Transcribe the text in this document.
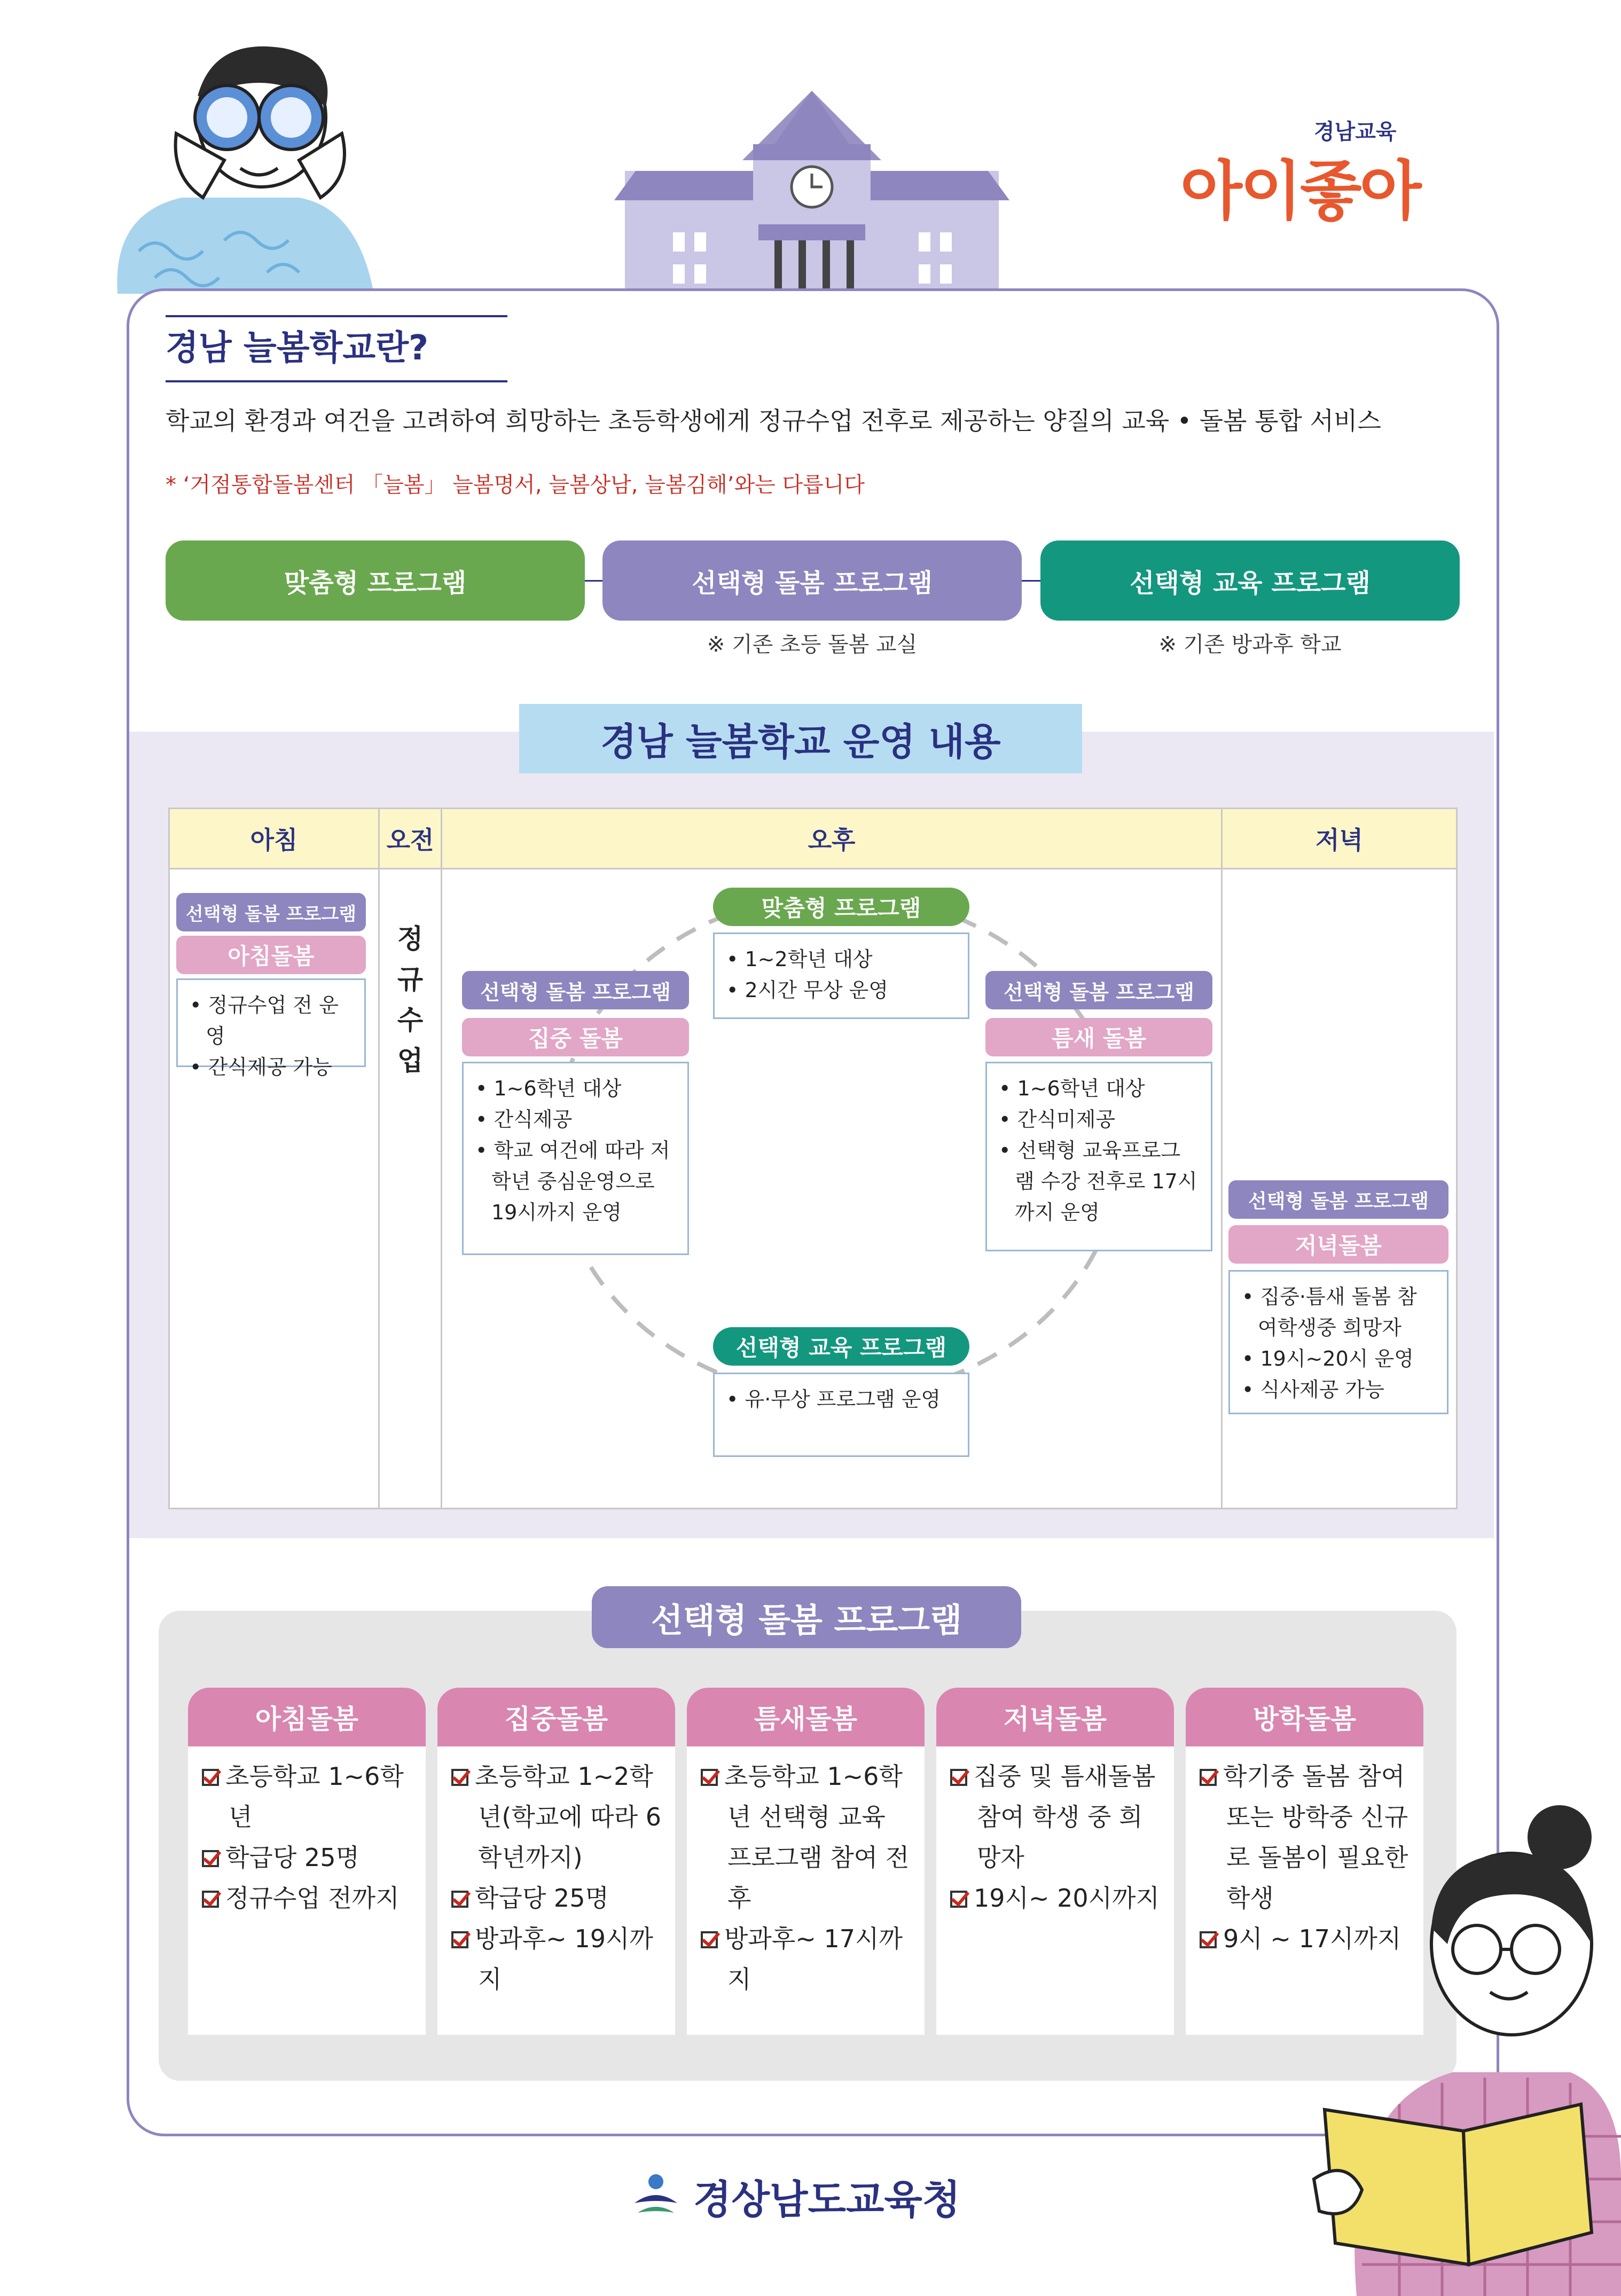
경남교육
아이좋아
경남 늘봄학교란?
학교의 환경과 여건을 고려하여 희망하는 초등학생에게 정규수업 전후로 제공하는 양질의 교육 • 돌봄 통합 서비스
* ‘거점통합돌봄센터 「늘봄」 늘봄명서, 늘봄상남, 늘봄김해’와는 다릅니다
맞춤형 프로그램	선택형 돌봄 프로그램	선택형 교육 프로그램
※ 기존 초등 돌봄 교실	※ 기존 방과후 학교
경남 늘봄학교 운영 내용
아침	오전	오후	저녁
선택형 돌봄 프로그램
아침돌봄
• 정규수업 전 운영
• 간식제공 가능
정규수업
맞춤형 프로그램
• 1~2학년 대상
• 2시간 무상 운영
선택형 돌봄 프로그램
집중 돌봄
• 1~6학년 대상
• 간식제공
• 학교 여건에 따라 저학년 중심운영으로 19시까지 운영
선택형 돌봄 프로그램
틈새 돌봄
• 1~6학년 대상
• 간식미제공
• 선택형 교육프로그램 수강 전후로 17시까지 운영
선택형 교육 프로그램
• 유·무상 프로그램 운영
선택형 돌봄 프로그램
저녁돌봄
• 집중·틈새 돌봄 참여학생중 희망자
• 19시~20시 운영
• 식사제공 가능
선택형 돌봄 프로그램
아침돌봄
초등학교 1~6학년
학급당 25명
정규수업 전까지
집중돌봄
초등학교 1~2학년(학교에 따라 6학년까지)
학급당 25명
방과후~ 19시까지
틈새돌봄
초등학교 1~6학년 선택형 교육 프로그램 참여 전후
방과후~ 17시까지
저녁돌봄
집중 및 틈새돌봄 참여 학생 중 희망자
19시~ 20시까지
방학돌봄
학기중 돌봄 참여 또는 방학중 신규로 돌봄이 필요한 학생
9시 ~ 17시까지
경상남도교육청
